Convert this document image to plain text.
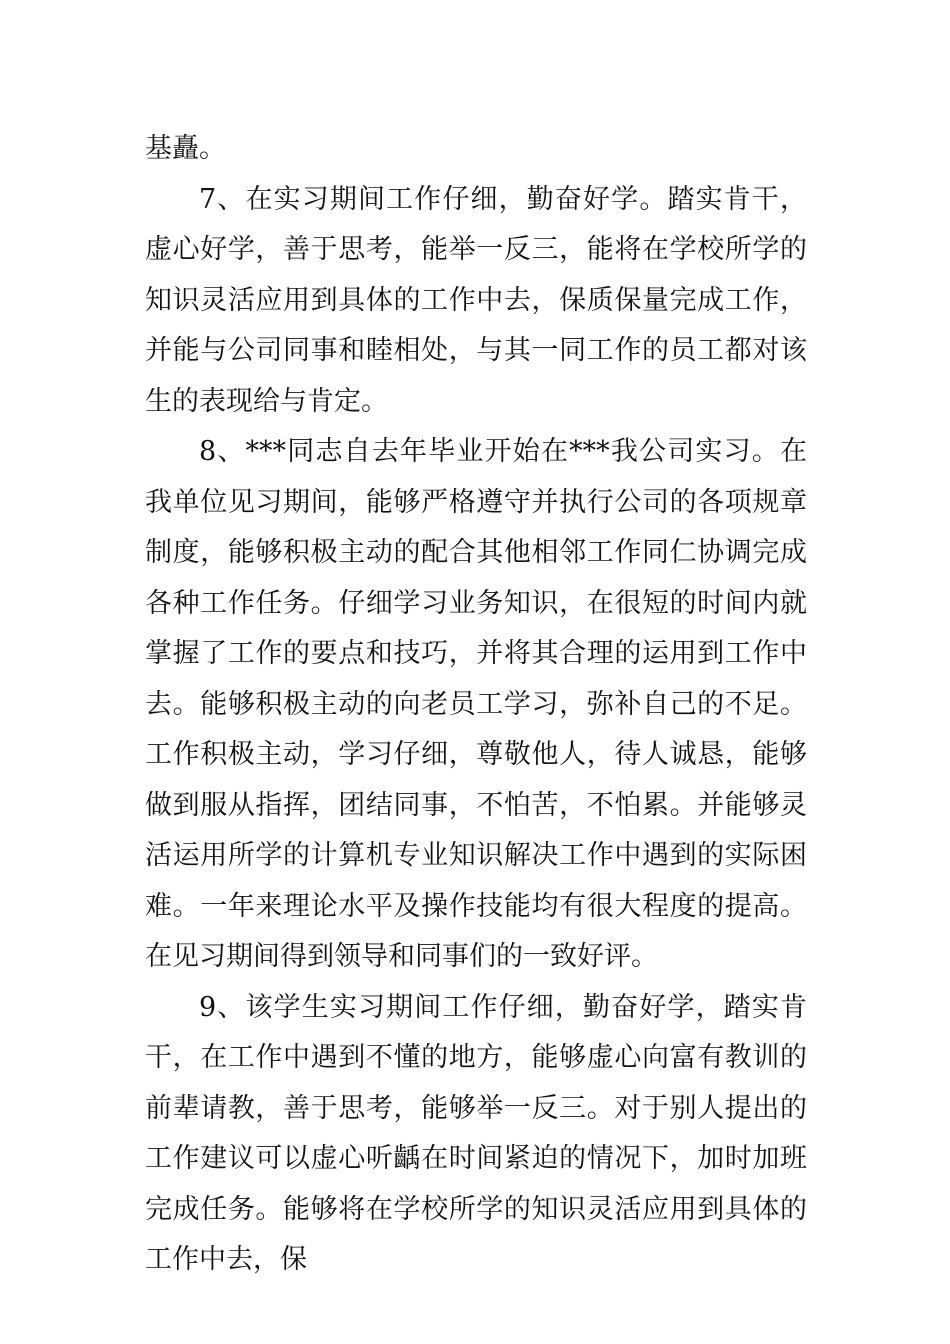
基矗。

7、在实习期间工作仔细，勤奋好学。踏实肯干，虚心好学，善于思考，能举一反三，能将在学校所学的知识灵活应用到具体的工作中去，保质保量完成工作，并能与公司同事和睦相处，与其一同工作的员工都对该生的表现给与肯定。

8、***同志自去年毕业开始在***我公司实习。在我单位见习期间，能够严格遵守并执行公司的各项规章制度，能够积极主动的配合其他相邻工作同仁协调完成各种工作任务。仔细学习业务知识，在很短的时间内就掌握了工作的要点和技巧，并将其合理的运用到工作中去。能够积极主动的向老员工学习，弥补自己的不足。工作积极主动，学习仔细，尊敬他人，待人诚恳，能够做到服从指挥，团结同事，不怕苦，不怕累。并能够灵活运用所学的计算机专业知识解决工作中遇到的实际困难。一年来理论水平及操作技能均有很大程度的提高。在见习期间得到领导和同事们的一致好评。

9、该学生实习期间工作仔细，勤奋好学，踏实肯干，在工作中遇到不懂的地方，能够虚心向富有教训的前辈请教，善于思考，能够举一反三。对于别人提出的工作建议可以虚心听齲在时间紧迫的情况下，加时加班完成任务。能够将在学校所学的知识灵活应用到具体的工作中去，保
